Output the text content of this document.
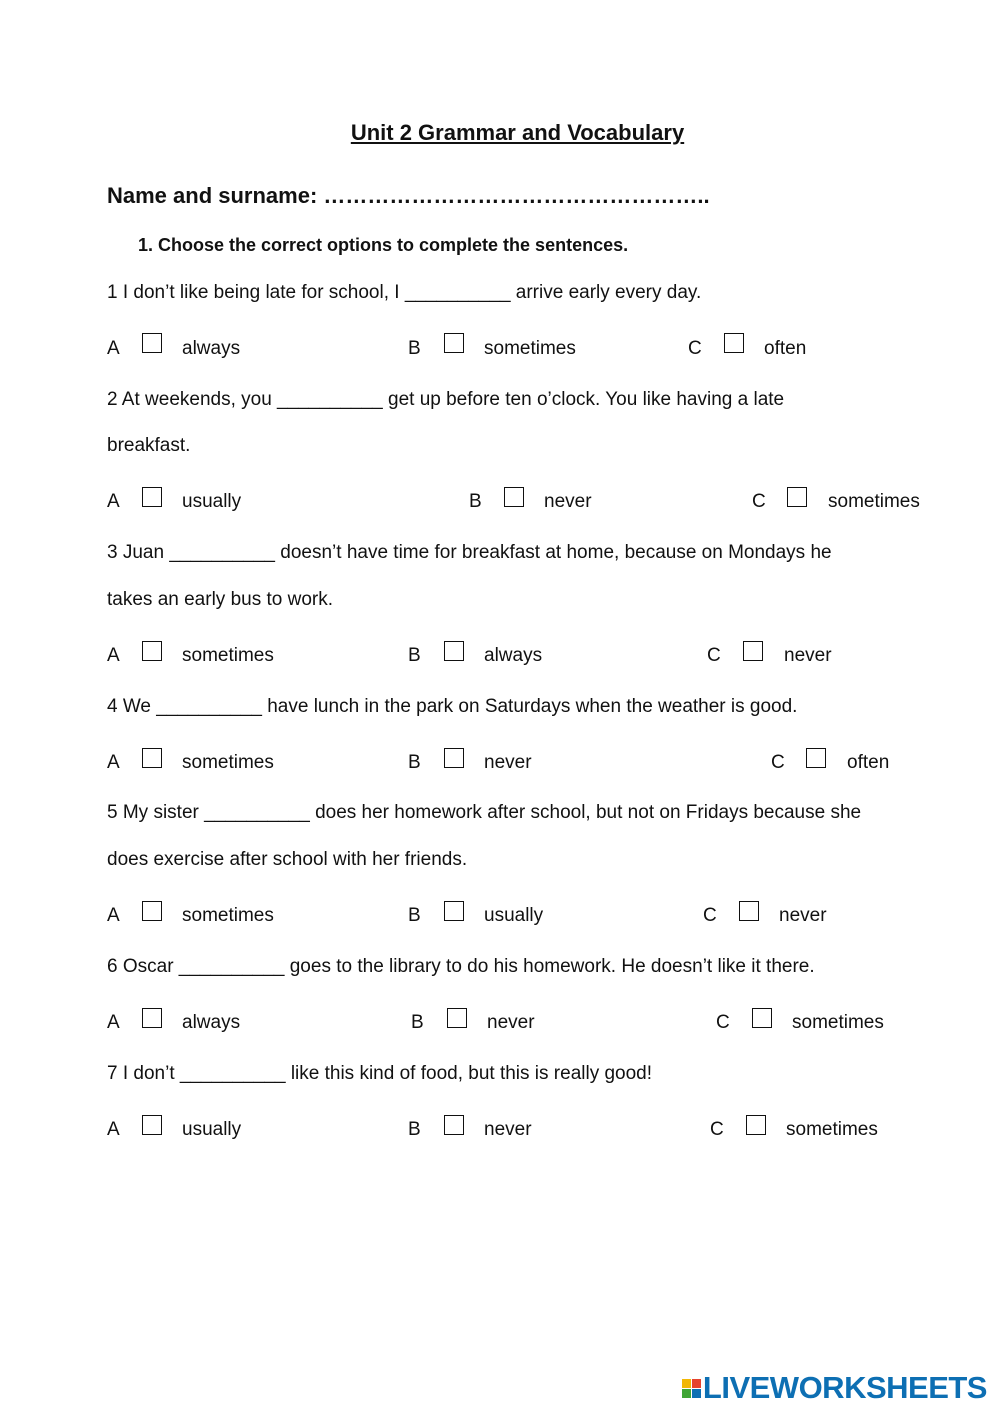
Unit 2 Grammar and Vocabulary
Name and surname: ……………………………………………..
1. Choose the correct options to complete the sentences.
1 I don’t like being late for school, I __________ arrive early every day.
A	always	B	sometimes	C	often
2 At weekends, you __________ get up before ten o’clock. You like having a late
breakfast.
A	usually	B	never	C	sometimes
3 Juan __________ doesn’t have time for breakfast at home, because on Mondays he
takes an early bus to work.
A	sometimes	B	always	C	never
4 We __________ have lunch in the park on Saturdays when the weather is good.
A	sometimes	B	never	C	often
5 My sister __________ does her homework after school, but not on Fridays because she
does exercise after school with her friends.
A	sometimes	B	usually	C	never
6 Oscar __________ goes to the library to do his homework. He doesn’t like it there.
A	always	B	never	C	sometimes
7 I don’t __________ like this kind of food, but this is really good!
A	usually	B	never	C	sometimes
LIVEWORKSHEETS
